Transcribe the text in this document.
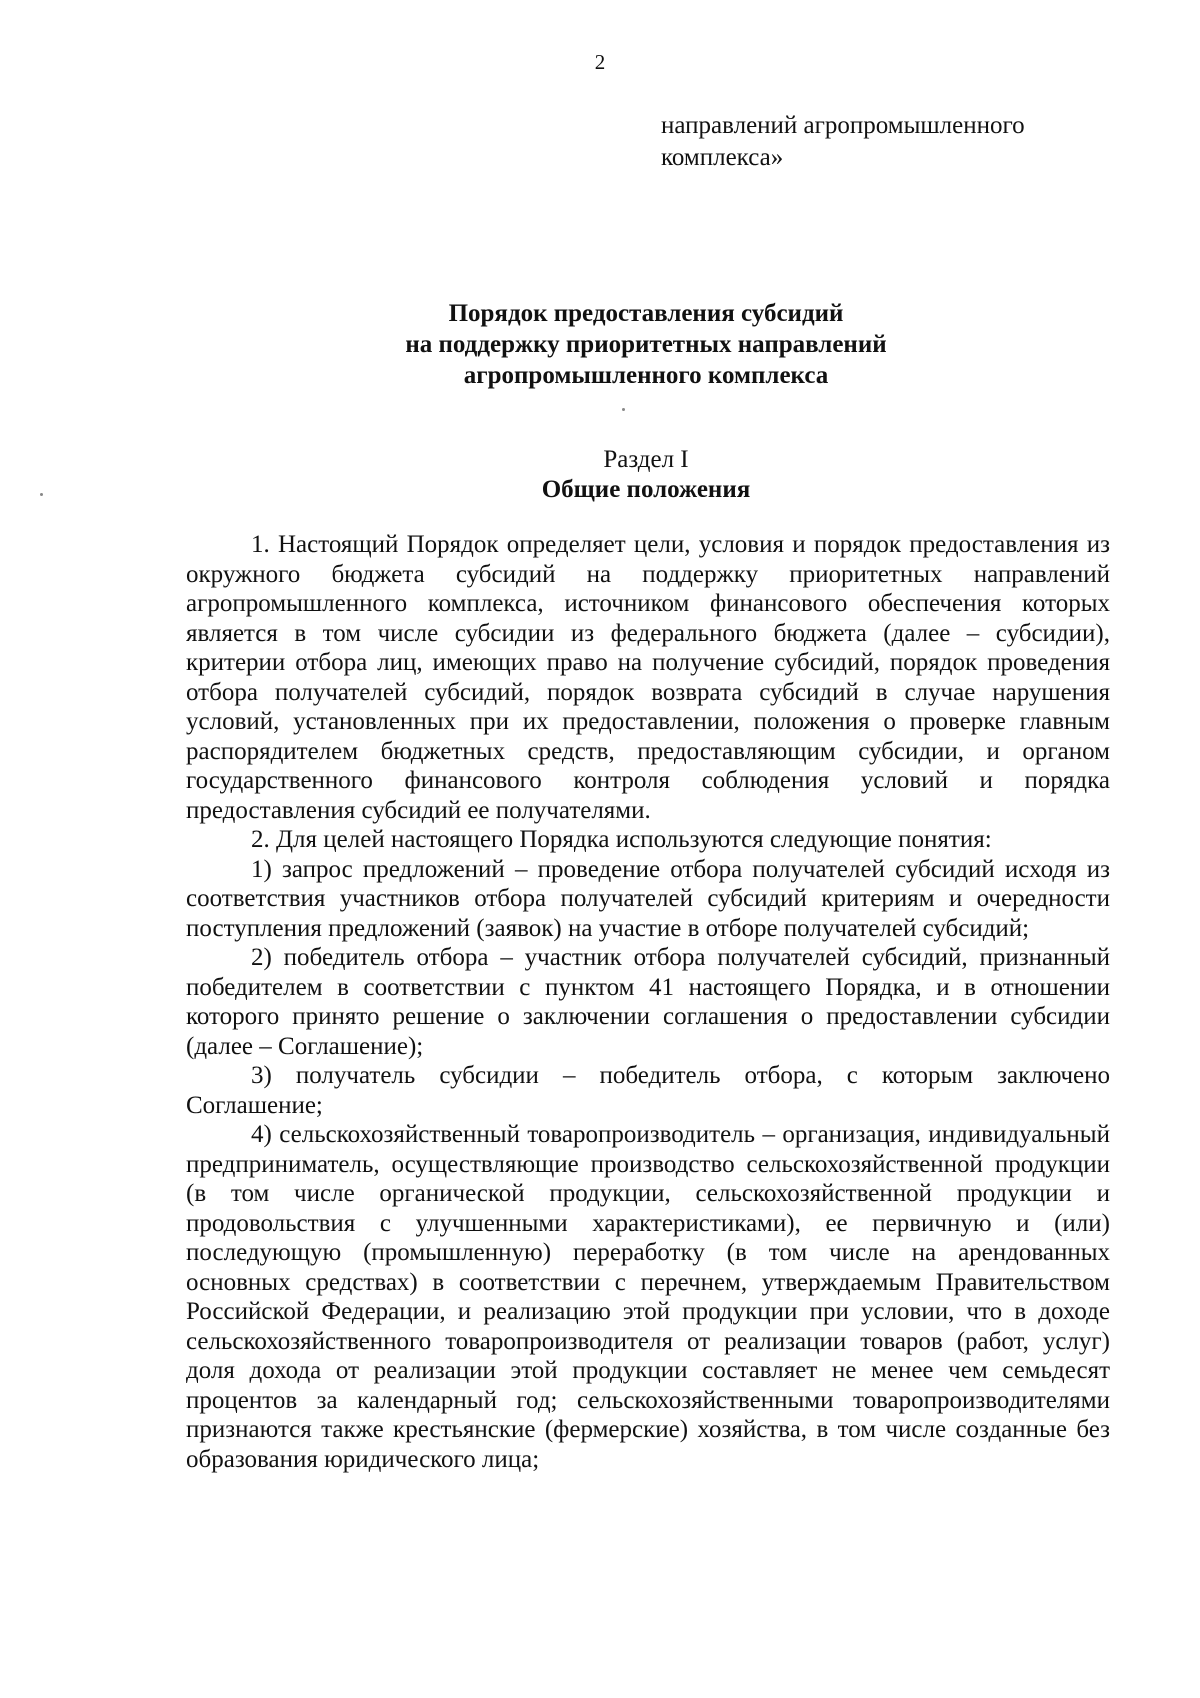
2
направлений агропромышленного
комплекса»
Порядок предоставления субсидий
на поддержку приоритетных направлений
агропромышленного комплекса
Раздел I
Общие положения

1. Настоящий Порядок определяет цели, условия и порядок предоставления из окружного бюджета субсидий на поддержку приоритетных направлений агропромышленного комплекса, источником финансового обеспечения которых является в том числе субсидии из федерального бюджета (далее – субсидии), критерии отбора лиц, имеющих право на получение субсидий, порядок проведения отбора получателей субсидий, порядок возврата субсидий в случае нарушения условий, установленных при их предоставлении, положения о проверке главным распорядителем бюджетных средств, предоставляющим субсидии, и органом государственного финансового контроля соблюдения условий и порядка предоставления субсидий ее получателями.

2. Для целей настоящего Порядка используются следующие понятия:

1) запрос предложений – проведение отбора получателей субсидий исходя из соответствия участников отбора получателей субсидий критериям и очередности поступления предложений (заявок) на участие в отборе получателей субсидий;

2) победитель отбора – участник отбора получателей субсидий, признанный победителем в соответствии с пунктом 41 настоящего Порядка, и в отношении которого принято решение о заключении соглашения о предоставлении субсидии (далее – Соглашение);

3) получатель субсидии – победитель отбора, с которым заключено Соглашение;

4) сельскохозяйственный товаропроизводитель – организация, индивидуальный предприниматель, осуществляющие производство сельскохозяйственной продукции (в том числе органической продукции, сельскохозяйственной продукции и продовольствия с улучшенными характеристиками), ее первичную и (или) последующую (промышленную) переработку (в том числе на арендованных основных средствах) в соответствии с перечнем, утверждаемым Правительством Российской Федерации, и реализацию этой продукции при условии, что в доходе сельскохозяйственного товаропроизводителя от реализации товаров (работ, услуг) доля дохода от реализации этой продукции составляет не менее чем семьдесят процентов за календарный год; сельскохозяйственными товаропроизводителями признаются также крестьянские (фермерские) хозяйства, в том числе созданные без образования юридического лица;
